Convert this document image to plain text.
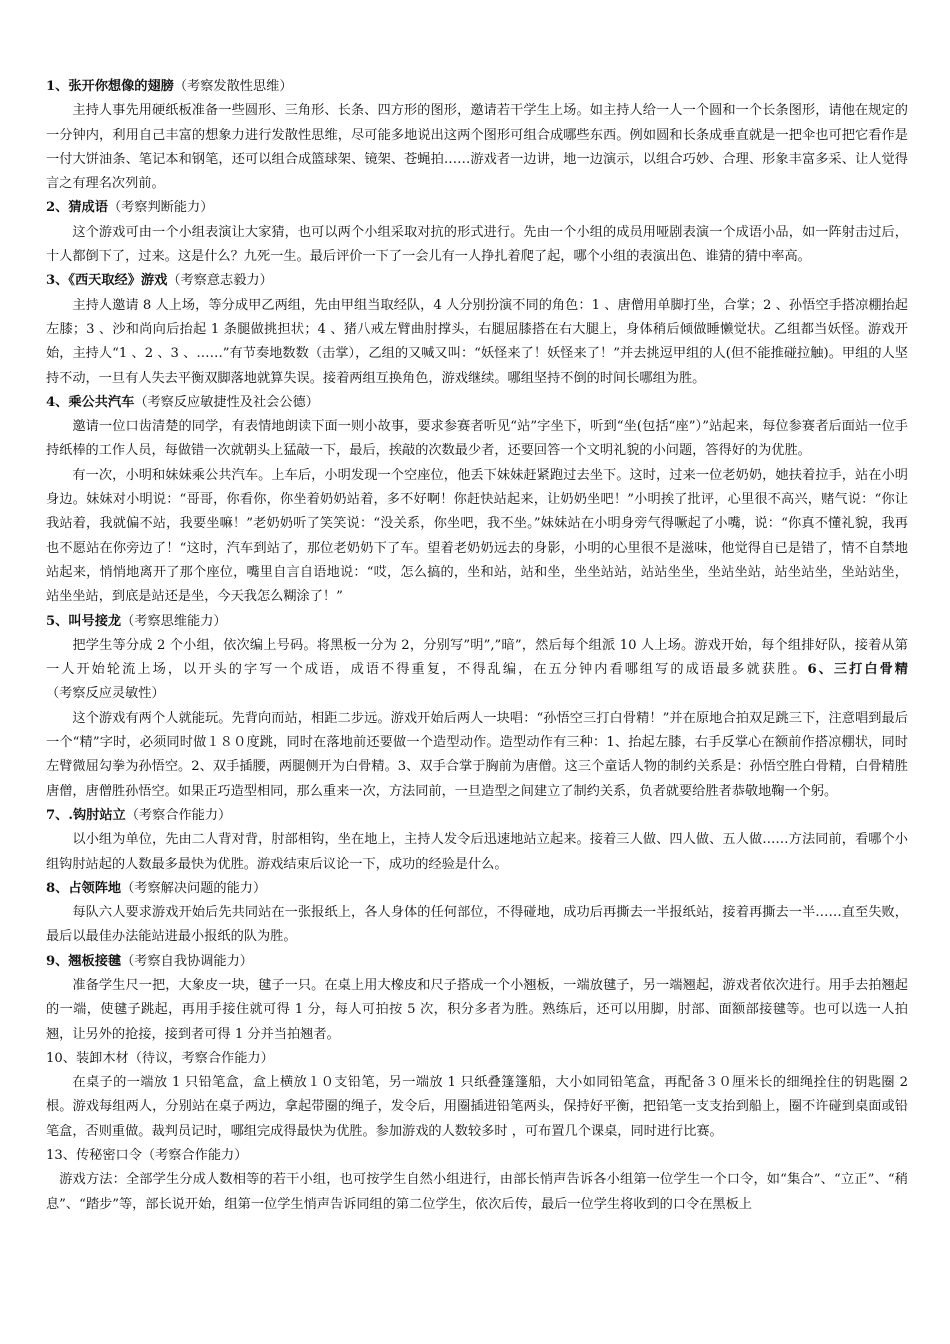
1、张开你想像的翅膀（考察发散性思维）

主持人事先用硬纸板准备一些圆形、三角形、长条、四方形的图形，邀请若干学生上场。如主持人给一人一个圆和一个长条图形，请他在规定的一分钟内，利用自己丰富的想象力进行发散性思维，尽可能多地说出这两个图形可组合成哪些东西。例如圆和长条成垂直就是一把伞也可把它看作是一付大饼油条、笔记本和钢笔，还可以组合成篮球架、镜架、苍蝇拍……游戏者一边讲，地一边演示，以组合巧妙、合理、形象丰富多采、让人觉得言之有理名次列前。

2、猜成语（考察判断能力）

这个游戏可由一个小组表演让大家猜，也可以两个小组采取对抗的形式进行。先由一个小组的成员用哑剧表演一个成语小品，如一阵射击过后，十人都倒下了，过来。这是什么？九死一生。最后评价一下了一会儿有一人挣扎着爬了起，哪个小组的表演出色、谁猜的猜中率高。

3、《西天取经》游戏（考察意志毅力）

主持人邀请 8 人上场，等分成甲乙两组，先由甲组当取经队，4 人分别扮演不同的角色：1 、唐僧用单脚打坐，合掌；2 、孙悟空手搭凉棚抬起左膝；3 、沙和尚向后抬起 1 条腿做挑担状；4 、猪八戒左臂曲肘撑头，右腿屈膝搭在右大腿上，身体稍后倾做睡懒觉状。乙组都当妖怪。游戏开始，主持人“1 、2 、3 、……”有节奏地数数（击掌），乙组的又喊又叫：“妖怪来了！妖怪来了！”并去挑逗甲组的人(但不能推碰拉触)。甲组的人坚持不动，一旦有人失去平衡双脚落地就算失误。接着两组互换角色，游戏继续。哪组坚持不倒的时间长哪组为胜。

4、乘公共汽车（考察反应敏捷性及社会公德）

邀请一位口齿清楚的同学，有表情地朗读下面一则小故事，要求参赛者听见“站”字坐下，听到“坐(包括“座”）”站起来，每位参赛者后面站一位手持纸棒的工作人员，每做错一次就朝头上猛敲一下，最后，挨敲的次数最少者，还要回答一个文明礼貌的小问题，答得好的为优胜。

有一次，小明和妹妹乘公共汽车。上车后，小明发现一个空座位，他丢下妹妹赶紧跑过去坐下。这时，过来一位老奶奶，她扶着拉手，站在小明身边。妹妹对小明说：“哥哥，你看你，你坐着奶奶站着，多不好啊！你赶快站起来，让奶奶坐吧！”小明挨了批评，心里很不高兴，赌气说：“你让我站着，我就偏不站，我要坐嘛！”老奶奶听了笑笑说：“没关系，你坐吧，我不坐。”妹妹站在小明身旁气得噘起了小嘴，说：“你真不懂礼貌，我再也不愿站在你旁边了！“这时，汽车到站了，那位老奶奶下了车。望着老奶奶远去的身影，小明的心里很不是滋味，他觉得自已是错了，情不自禁地站起来，悄悄地离开了那个座位，嘴里自言自语地说：“哎，怎么搞的，坐和站，站和坐，坐坐站站，站站坐坐，坐站坐站，站坐站坐，坐站站坐，站坐坐站，到底是站还是坐，今天我怎么糊涂了！”

5、叫号接龙（考察思维能力）

把学生等分成 2 个小组，依次编上号码。将黑板一分为 2，分别写”明”,”暗”，然后每个组派 10 人上场。游戏开始，每个组排好队，接着从第一人开始轮流上场，以开头的字写一个成语，成语不得重复，不得乱编，在五分钟内看哪组写的成语最多就获胜。6、三打白骨精（考察反应灵敏性）

这个游戏有两个人就能玩。先背向而站，相距二步远。游戏开始后两人一块唱：“孙悟空三打白骨精！”并在原地合拍双足跳三下，注意唱到最后一个“精”字时，必须同时做１８０度跳，同时在落地前还要做一个造型动作。造型动作有三种：1、抬起左膝，右手反掌心在额前作搭凉棚状，同时左臂微屈勾拳为孙悟空。2、双手插腰，两腿侧开为白骨精。3、双手合掌于胸前为唐僧。这三个童话人物的制约关系是：孙悟空胜白骨精，白骨精胜唐僧，唐僧胜孙悟空。如果正巧造型相同，那么重来一次，方法同前，一旦造型之间建立了制约关系，负者就要给胜者恭敬地鞠一个躬。

7、.钩肘站立（考察合作能力）

以小组为单位，先由二人背对背，肘部相钩，坐在地上，主持人发令后迅速地站立起来。接着三人做、四人做、五人做……方法同前，看哪个小组钩肘站起的人数最多最快为优胜。游戏结束后议论一下，成功的经验是什么。

8、占领阵地（考察解决问题的能力）

每队六人要求游戏开始后先共同站在一张报纸上，各人身体的任何部位，不得碰地，成功后再撕去一半报纸站，接着再撕去一半……直至失败，最后以最佳办法能站进最小报纸的队为胜。

9、翘板接毽（考察自我协调能力）

准备学生尺一把，大象皮一块，毽子一只。在桌上用大橡皮和尺子搭成一个小翘板，一端放毽子，另一端翘起，游戏者依次进行。用手去拍翘起的一端，使毽子跳起，再用手接住就可得 1 分，每人可拍按 5 次，积分多者为胜。熟练后，还可以用脚，肘部、面额部接毽等。也可以选一人拍翘，让另外的抢接，接到者可得 1 分并当拍翘者。

10、装卸木材（待议，考察合作能力）

在桌子的一端放 1 只铅笔盒，盒上横放１０支铅笔，另一端放 1 只纸叠篷篷船，大小如同铅笔盒，再配备３０厘米长的细绳拴住的钥匙圈 2 根。游戏每组两人，分别站在桌子两边，拿起带圈的绳子，发令后，用圈插进铅笔两头，保持好平衡，把铅笔一支支抬到船上，圈不许碰到桌面或铅笔盒，否则重做。裁判员记时，哪组完成得最快为优胜。参加游戏的人数较多时 ，可布置几个课桌，同时进行比赛。

13、传秘密口令（考察合作能力）

游戏方法：全部学生分成人数相等的若干小组，也可按学生自然小组进行，由部长悄声告诉各小组第一位学生一个口令，如“集合”、“立正”、“稍息”、“踏步”等，部长说开始，组第一位学生悄声告诉同组的第二位学生，依次后传，最后一位学生将收到的口令在黑板上
